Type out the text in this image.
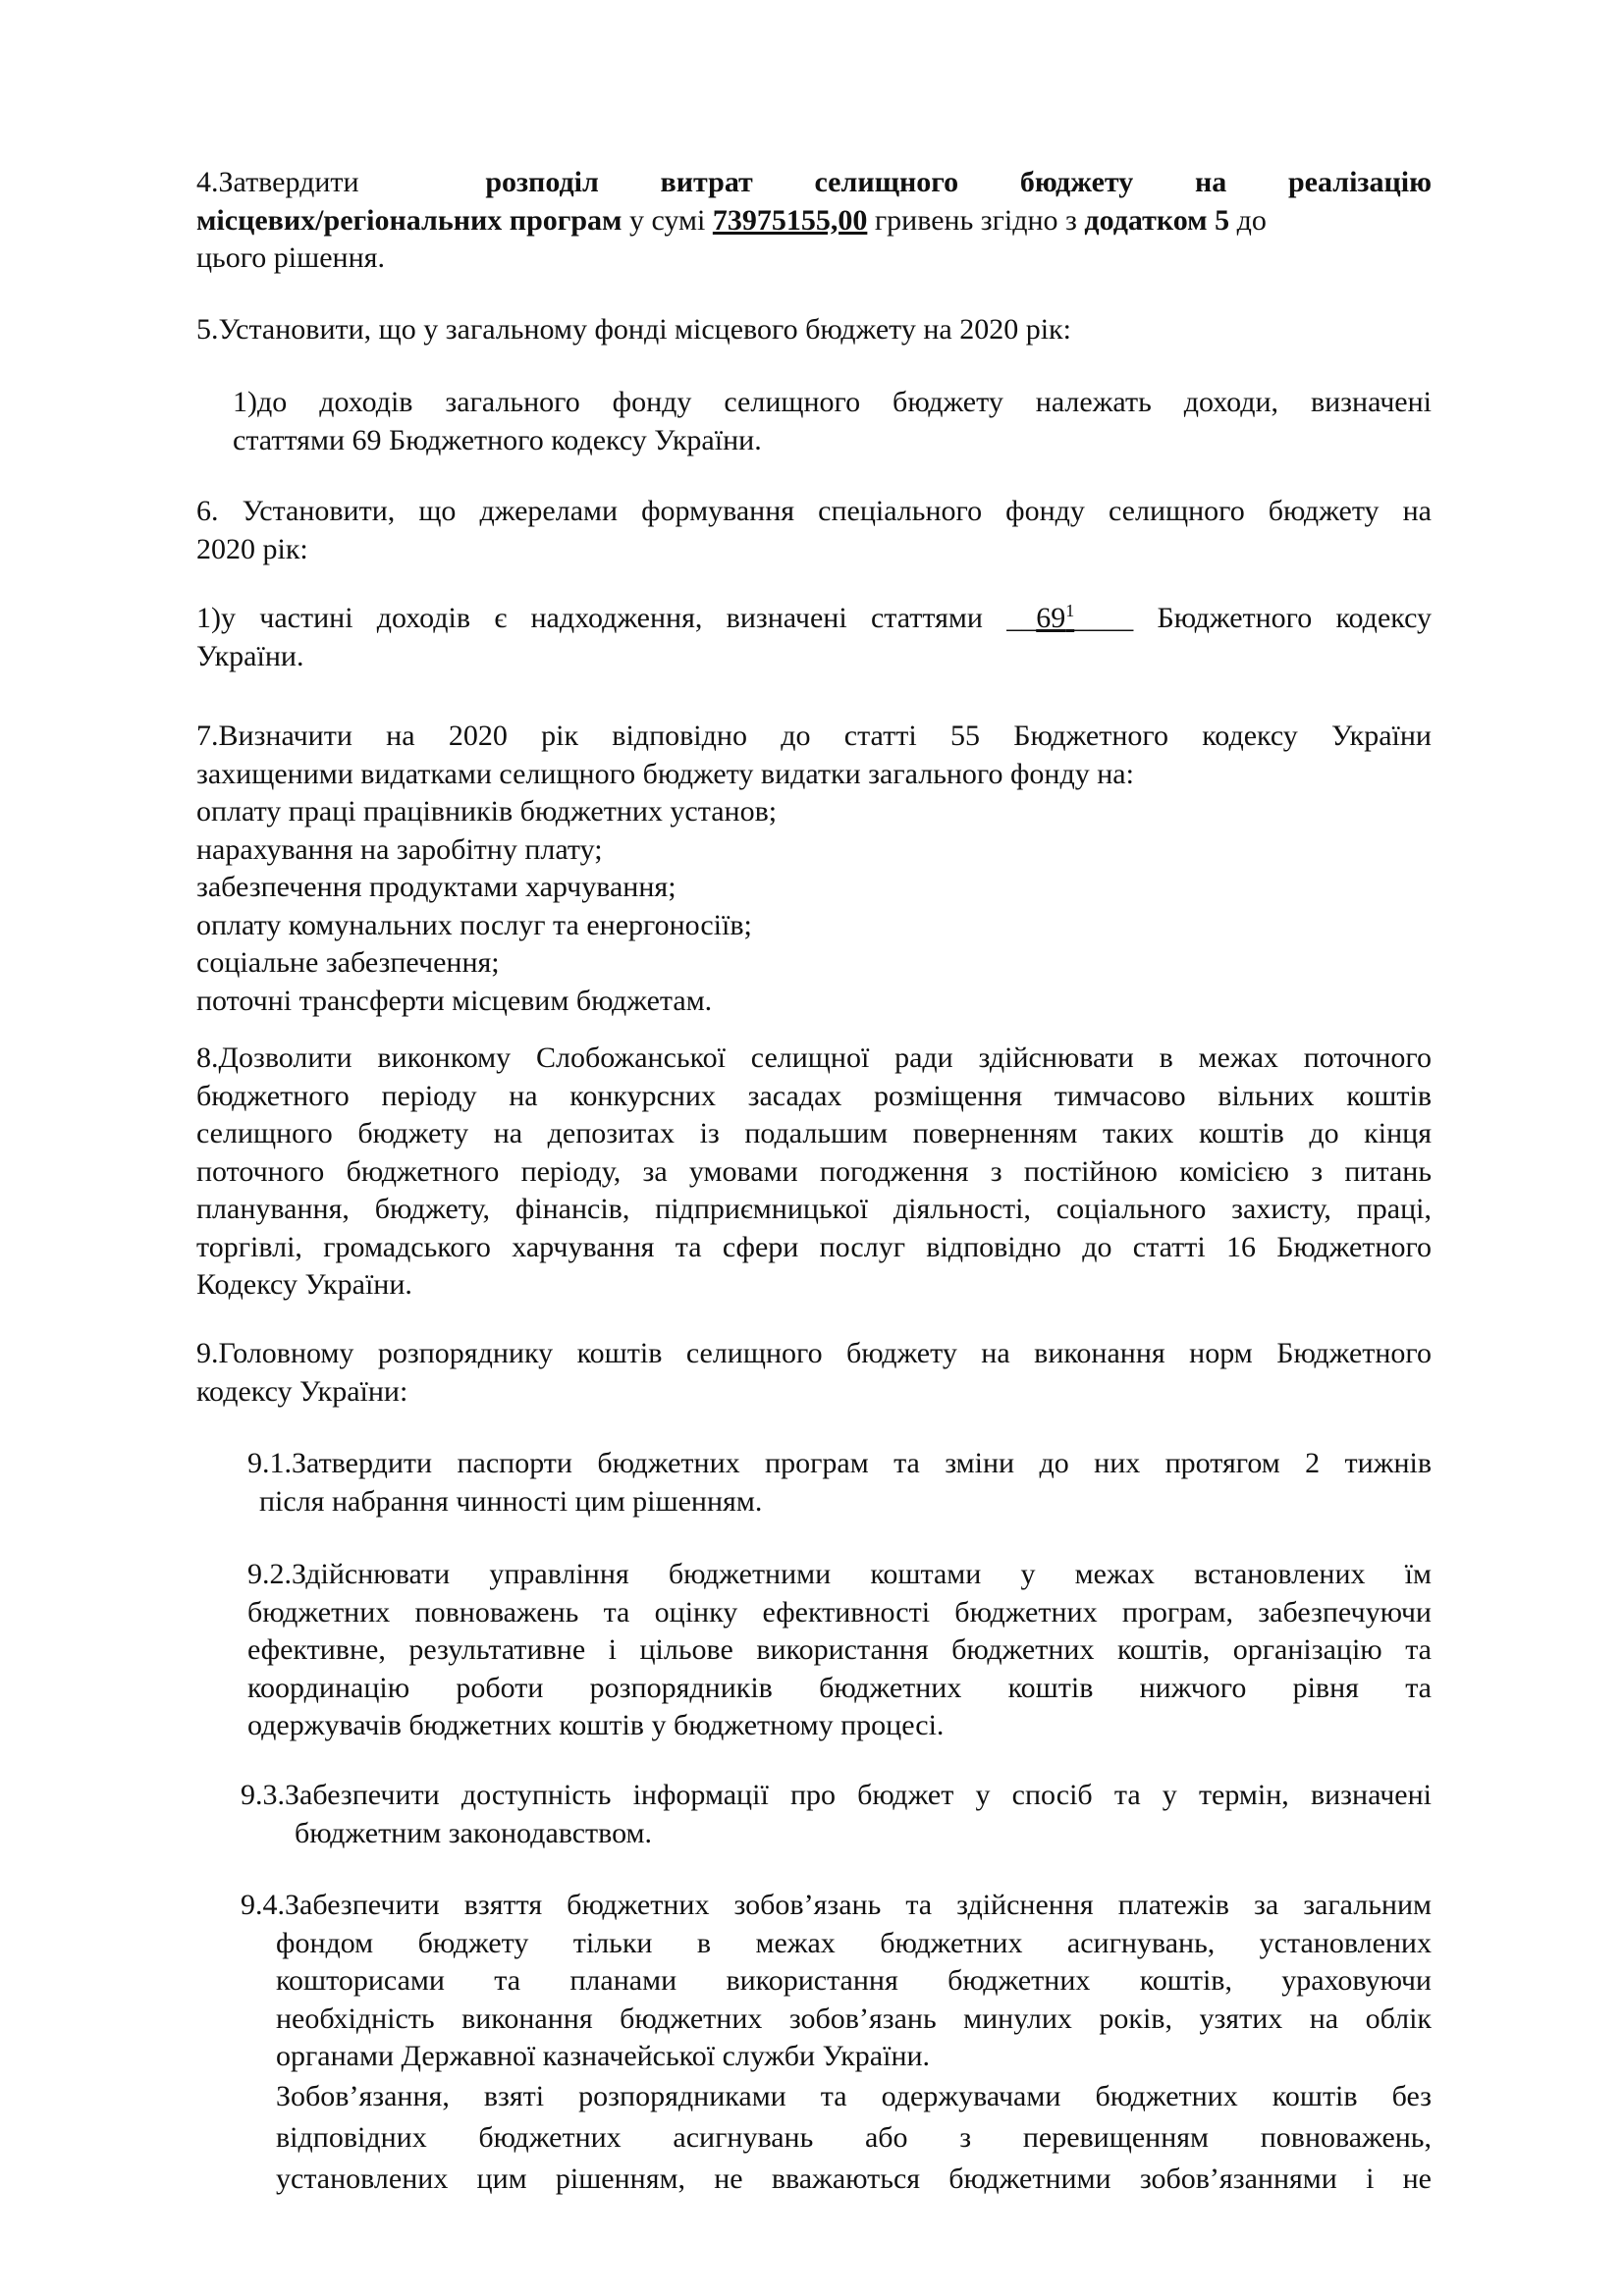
4.Затвердити	розподіл витрат селищного бюджету на реалізацію
місцевих/регіональних програм у сумі 73975155,00 гривень згідно з додатком 5 до
цього рішення.
5.Установити, що у загальному фонді місцевого бюджету на 2020 рік:
1)до доходів загального фонду селищного бюджету належать доходи, визначені
статтями 69 Бюджетного кодексу України.
6. Установити, що джерелами формування спеціального фонду селищного бюджету на
2020 рік:
1)у частині доходів є надходження, визначені статтями $\_\_69^1\_\_\_\_$ Бюджетного кодексу
України.
7.Визначити на 2020 рік відповідно до статті 55 Бюджетного кодексу України
захищеними видатками селищного бюджету видатки загального фонду на:
оплату праці працівників бюджетних установ;
нарахування на заробітну плату;
забезпечення продуктами харчування;
оплату комунальних послуг та енергоносіїв;
соціальне забезпечення;
поточні трансферти місцевим бюджетам.
8.Дозволити виконкому Слобожанської селищної ради здійснювати в межах поточного
бюджетного періоду на конкурсних засадах розміщення тимчасово вільних коштів
селищного бюджету на депозитах із подальшим поверненням таких коштів до кінця
поточного бюджетного періоду, за умовами погодження з постійною комісією з питань
планування, бюджету, фінансів, підприємницької діяльності, соціального захисту, праці,
торгівлі, громадського харчування та сфери послуг відповідно до статті 16 Бюджетного
Кодексу України.
9.Головному розпоряднику коштів селищного бюджету на виконання норм Бюджетного
кодексу України:
9.1.Затвердити паспорти бюджетних програм та зміни до них протягом 2 тижнів
після набрання чинності цим рішенням.
9.2.Здійснювати управління бюджетними коштами у межах встановлених їм
бюджетних повноважень та оцінку ефективності бюджетних програм, забезпечуючи
ефективне, результативне і цільове використання бюджетних коштів, організацію та
координацію роботи розпорядників бюджетних коштів нижчого рівня та
одержувачів бюджетних коштів у бюджетному процесі.
9.3.Забезпечити доступність інформації про бюджет у спосіб та у термін, визначені
бюджетним законодавством.
9.4.Забезпечити взяття бюджетних зобов’язань та здійснення платежів за загальним
фондом бюджету тільки в межах бюджетних асигнувань, установлених
кошторисами та планами використання бюджетних коштів, ураховуючи
необхідність виконання бюджетних зобов’язань минулих років, узятих на облік
органами Державної казначейської служби України.
Зобов’язання, взяті розпорядниками та одержувачами бюджетних коштів без
відповідних бюджетних асигнувань або з перевищенням повноважень,
установлених цим рішенням, не вважаються бюджетними зобов’язаннями і не
